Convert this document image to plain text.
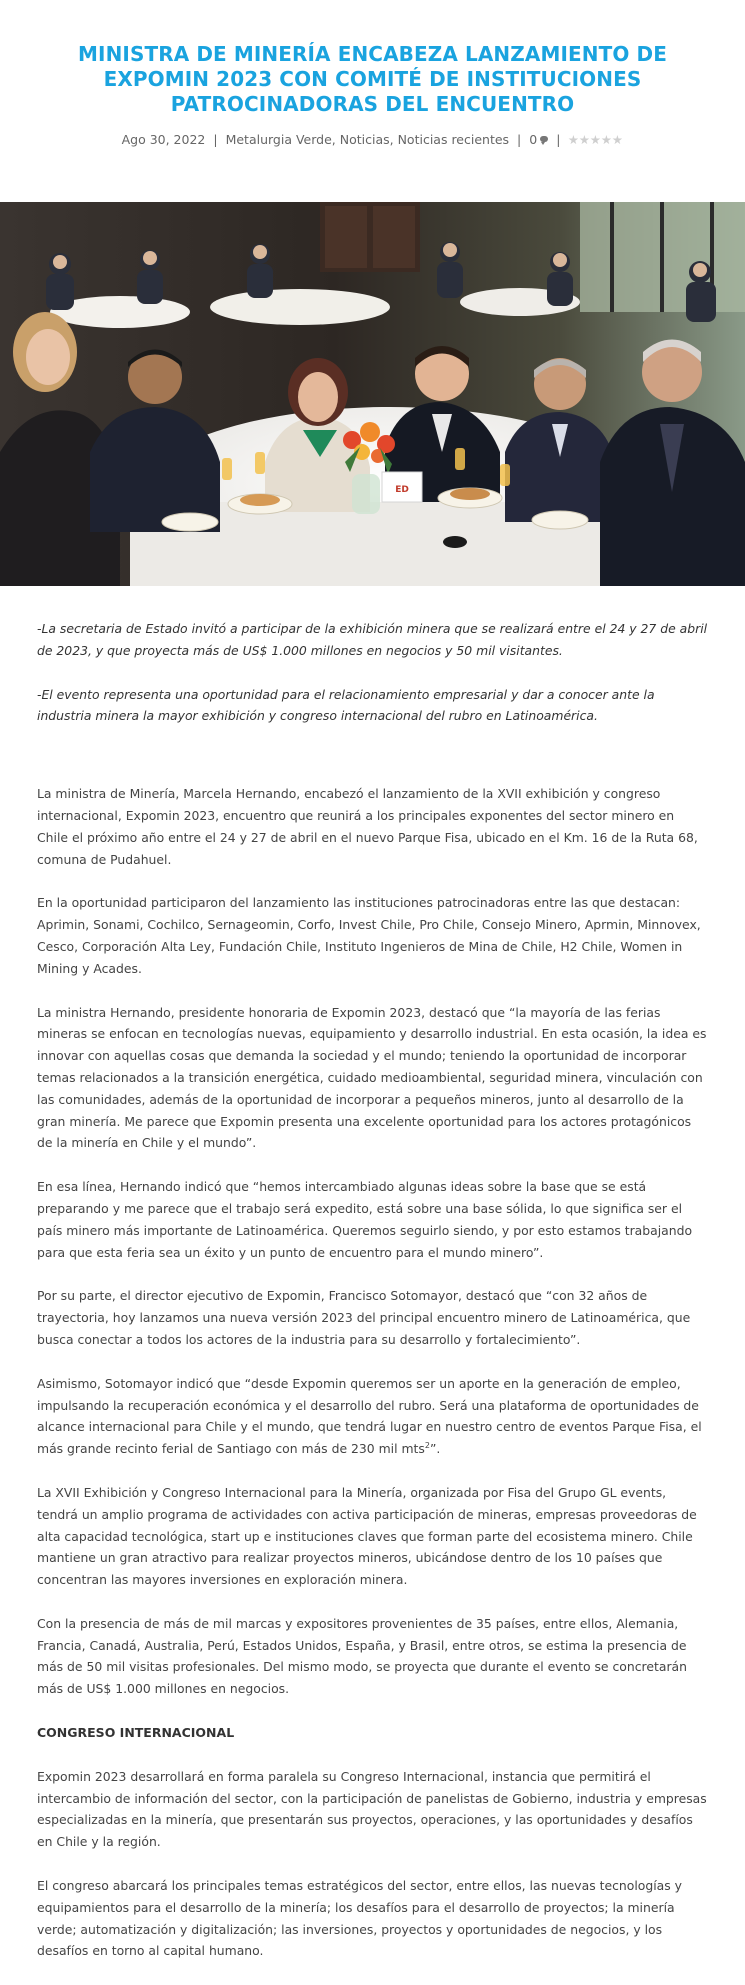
MINISTRA DE MINERÍA ENCABEZA LANZAMIENTO DE EXPOMIN 2023 CON COMITÉ DE INSTITUCIONES PATROCINADORAS DEL ENCUENTRO
Ago 30, 2022 | Metalurgia Verde, Noticias, Noticias recientes | 0 |
ED

-La secretaria de Estado invitó a participar de la exhibición minera que se realizará entre el 24 y 27 de abril de 2023, y que proyecta más de US$ 1.000 millones en negocios y 50 mil visitantes.

-El evento representa una oportunidad para el relacionamiento empresarial y dar a conocer ante la industria minera la mayor exhibición y congreso internacional del rubro en Latinoamérica.

La ministra de Minería, Marcela Hernando, encabezó el lanzamiento de la XVII exhibición y congreso internacional, Expomin 2023, encuentro que reunirá a los principales exponentes del sector minero en Chile el próximo año entre el 24 y 27 de abril en el nuevo Parque Fisa, ubicado en el Km. 16 de la Ruta 68, comuna de Pudahuel.

En la oportunidad participaron del lanzamiento las instituciones patrocinadoras entre las que destacan: Aprimin, Sonami, Cochilco, Sernageomin, Corfo, Invest Chile, Pro Chile, Consejo Minero, Aprmin, Minnovex, Cesco, Corporación Alta Ley, Fundación Chile, Instituto Ingenieros de Mina de Chile, H2 Chile, Women in Mining y Acades.

La ministra Hernando, presidente honoraria de Expomin 2023, destacó que “la mayoría de las ferias mineras se enfocan en tecnologías nuevas, equipamiento y desarrollo industrial. En esta ocasión, la idea es innovar con aquellas cosas que demanda la sociedad y el mundo; teniendo la oportunidad de incorporar temas relacionados a la transición energética, cuidado medioambiental, seguridad minera, vinculación con las comunidades, además de la oportunidad de incorporar a pequeños mineros, junto al desarrollo de la gran minería. Me parece que Expomin presenta una excelente oportunidad para los actores protagónicos de la minería en Chile y el mundo”.

En esa línea, Hernando indicó que “hemos intercambiado algunas ideas sobre la base que se está preparando y me parece que el trabajo será expedito, está sobre una base sólida, lo que significa ser el país minero más importante de Latinoamérica. Queremos seguirlo siendo, y por esto estamos trabajando para que esta feria sea un éxito y un punto de encuentro para el mundo minero”.

Por su parte, el director ejecutivo de Expomin, Francisco Sotomayor, destacó que “con 32 años de trayectoria, hoy lanzamos una nueva versión 2023 del principal encuentro minero de Latinoamérica, que busca conectar a todos los actores de la industria para su desarrollo y fortalecimiento”.

Asimismo, Sotomayor indicó que “desde Expomin queremos ser un aporte en la generación de empleo, impulsando la recuperación económica y el desarrollo del rubro. Será una plataforma de oportunidades de alcance internacional para Chile y el mundo, que tendrá lugar en nuestro centro de eventos Parque Fisa, el más grande recinto ferial de Santiago con más de 230 mil mts$^2$”.

La XVII Exhibición y Congreso Internacional para la Minería, organizada por Fisa del Grupo GL events, tendrá un amplio programa de actividades con activa participación de mineras, empresas proveedoras de alta capacidad tecnológica, start up e instituciones claves que forman parte del ecosistema minero. Chile mantiene un gran atractivo para realizar proyectos mineros, ubicándose dentro de los 10 países que concentran las mayores inversiones en exploración minera.

Con la presencia de más de mil marcas y expositores provenientes de 35 países, entre ellos, Alemania, Francia, Canadá, Australia, Perú, Estados Unidos, España, y Brasil, entre otros, se estima la presencia de más de 50 mil visitas profesionales. Del mismo modo, se proyecta que durante el evento se concretarán más de US$ 1.000 millones en negocios.

CONGRESO INTERNACIONAL

Expomin 2023 desarrollará en forma paralela su Congreso Internacional, instancia que permitirá el intercambio de información del sector, con la participación de panelistas de Gobierno, industria y empresas especializadas en la minería, que presentarán sus proyectos, operaciones, y las oportunidades y desafíos en Chile y la región.

El congreso abarcará los principales temas estratégicos del sector, entre ellos, las nuevas tecnologías y equipamientos para el desarrollo de la minería; los desafíos para el desarrollo de proyectos; la minería verde; automatización y digitalización; las inversiones, proyectos y oportunidades de negocios, y los desafíos en torno al capital humano.
